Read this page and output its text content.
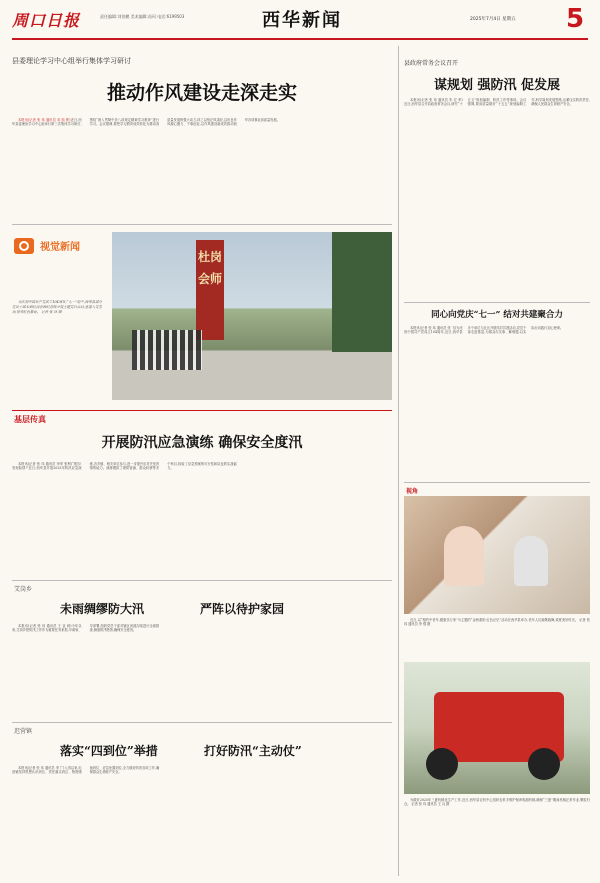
周口日报	责任编辑:刘伯鹏 美术编辑:苗珂 电话:6199503	西华新闻	2025年7月4日 星期五 5
县委理论学习中心组举行集体学习研讨
推动作风建设走深走实

本报讯(记者 张 玮 通讯员 邓 凯 彬)近日,西华县委理论学习中心组举行第三次集体学习研讨,围绕“深入贯彻中央八项规定精神学习教育”进行学习。会议强调,要把学习教育成效转化为推动高质量发展的强大动力,持之以恒正风肃纪,以优良作风凝心聚力、干事创业,以作风建设新成效推动西华各项事业高质量发展。

视觉新闻

为庆祝中国共产党成立104周年,“七一”前夕,西华县部分党员干部来到杜岗会师纪念馆开展主题党日活动,重温入党誓词,接受红色教育。 记者 张 玮 摄

杜岗会师
基层传真
开展防汛应急演练 确保安全度汛

本报讯(记者 张 玮 通讯员 李军 张利)“报告!发现险情!”近日,西华县开展2025年防汛应急演练,各乡镇、相关单位参与,进一步提升应对突发汛情的能力。演练模拟了堤防管涌、群众转移等多个科目,检验了应急预案的可行性和队伍的实战能力。

艾岗乡
未雨绸缪防大汛	严阵以待护家园

本报讯(记者 张 玮 通讯员 王 亚 林)今年以来,艾岗乡把防汛工作作为重要任务来抓,早谋划、早部署,组织党员干部对辖区河道沟渠进行全面排查,储备防汛物资,确保安全度汛。

迟营镇
落实“四到位”举措	打好防汛“主动仗”

本报讯(记者 张 玮 通讯员 李 广)入汛以来,迟营镇坚持思想认识到位、责任落实到位、物资储备到位、应急处置到位,全力做好防汛各项工作,确保群众生命财产安全。

县政府常务会议召开
谋规划 强防汛 促发展

本报讯(记者 张 玮 通讯员 朱 宏 军)近日,西华县召开县政府常务会议,研究“十五五”规划编制、防汛工作等事项。会议强调,要高质量做好“十五五”规划编制工作,科学谋划发展思路,压紧压实防汛责任,确保人民群众生命财产安全。

同心向党庆“七一” 结对共建聚合力

本报讯(记者 张 玮 通讯员 张 飞)为庆祝中国共产党成立104周年,近日,西华县多个单位与社区开展结对共建活动,党员干部走进基层,为群众办实事、解难题,以实际行动践行初心使命。

视角

近日,以“相约中老年,健康乐万家”为主题的“金秋重阳·红色记忆”活动在西华县举办,老年人们载歌载舞,欢度美好时光。 记者 张 玮 通讯员 李 强 摄

为做好2025年三夏机械化生产工作,近日,西华县农机中心组织农机手维护保养收割机械,确保“三夏”期间机械正常作业,颗粒归仓。 记者 张 玮 通讯员 王 兵 摄
